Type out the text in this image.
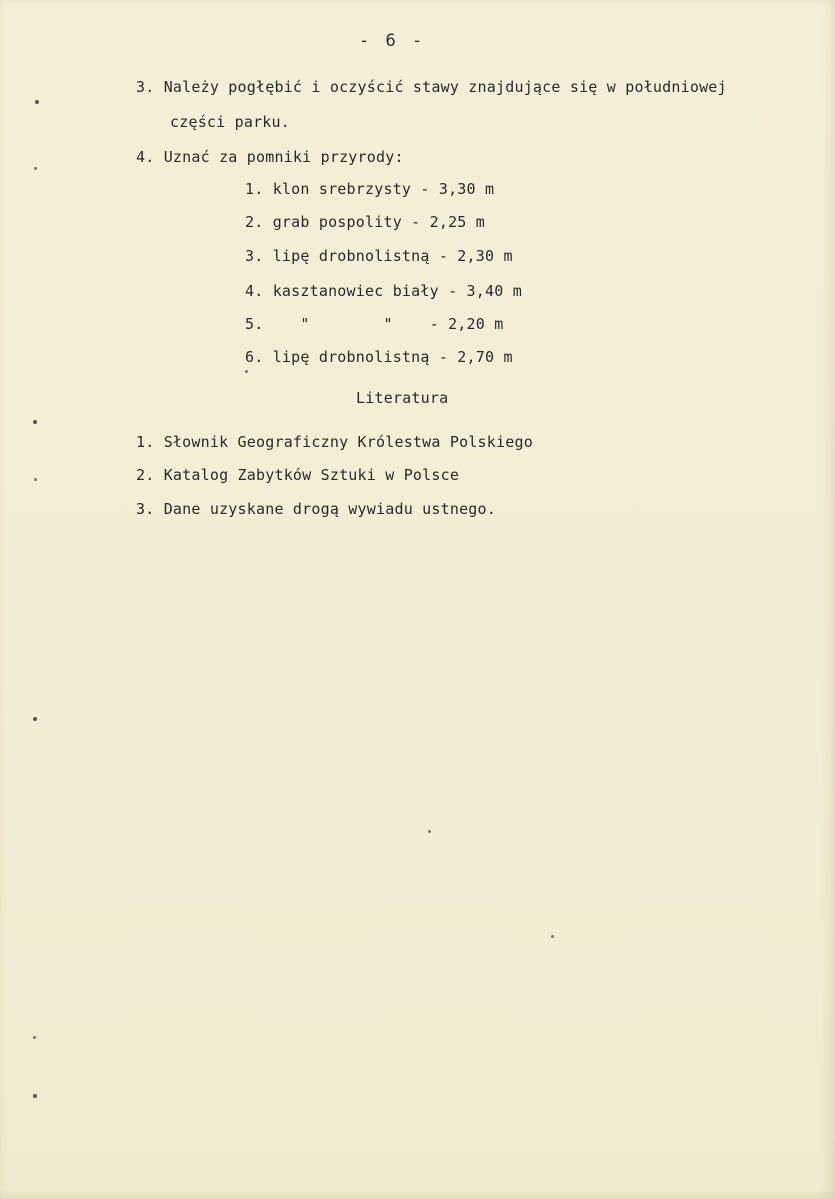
- 6 -
3. Należy pogłębić i oczyścić stawy znajdujące się w południowej
części parku.
4. Uznać za pomniki przyrody:
1. klon srebrzysty - 3,30 m
2. grab pospolity - 2,25 m
3. lipę drobnolistną - 2,30 m
4. kasztanowiec biały - 3,40 m
5.    "        "    - 2,20 m
6. lipę drobnolistną - 2,70 m
Literatura
1. Słownik Geograficzny Królestwa Polskiego
2. Katalog Zabytków Sztuki w Polsce
3. Dane uzyskane drogą wywiadu ustnego.
